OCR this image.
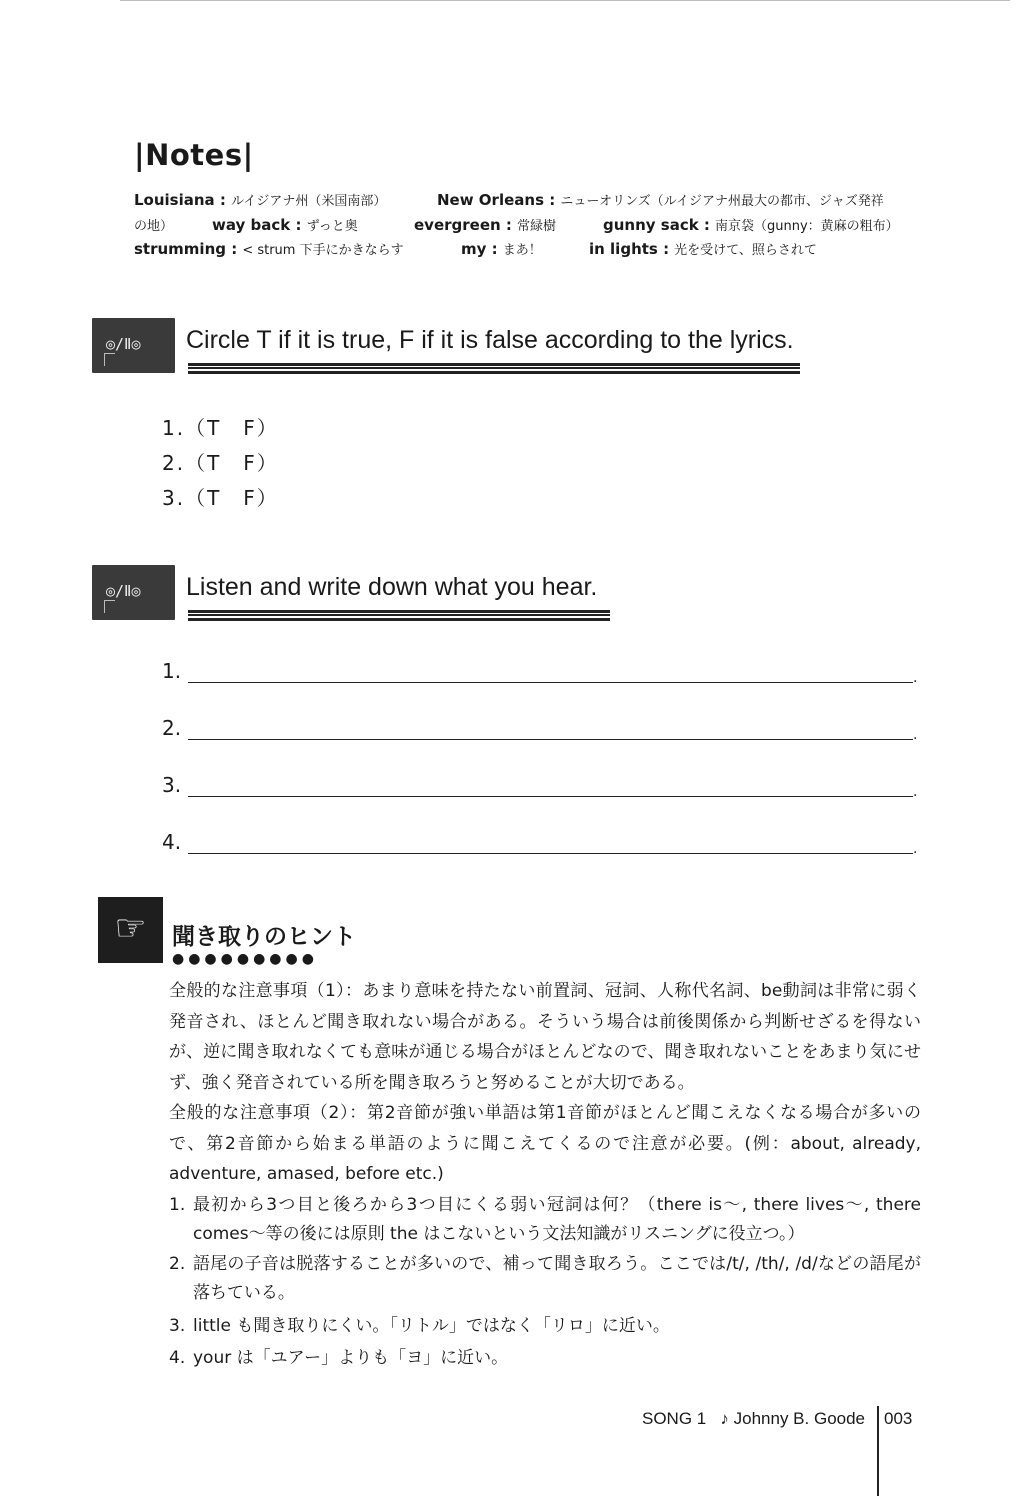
|Notes|
Louisiana : ルイジアナ州（米国南部）	New Orleans : ニューオリンズ（ルイジアナ州最大の都市、ジャズ発祥
の地）	way back : ずっと奥	evergreen : 常緑樹	gunny sack : 南京袋（gunny：黄麻の粗布）
strumming : < strum 下手にかきならす	my : まあ！	in lights : 光を受けて、照らされて
◎/Ⅱ◎ Circle T if it is true, F if it is false according to the lyrics.
1.（T　F）
2.（T　F）
3.（T　F）
◎/Ⅱ◎ Listen and write down what you hear.
1.	.
2.	.
3.	.
4.	.
☞	聞き取りのヒント
●●●●●●●●●

全般的な注意事項（1）：あまり意味を持たない前置詞、冠詞、人称代名詞、be動詞は非常に弱く発音され、ほとんど聞き取れない場合がある。そういう場合は前後関係から判断せざるを得ないが、逆に聞き取れなくても意味が通じる場合がほとんどなので、聞き取れないことをあまり気にせず、強く発音されている所を聞き取ろうと努めることが大切である。

全般的な注意事項（2）：第2音節が強い単語は第1音節がほとんど聞こえなくなる場合が多いので、第2音節から始まる単語のように聞こえてくるので注意が必要。(例：about, already, adventure, amased, before etc.)

1. 最初から3つ目と後ろから3つ目にくる弱い冠詞は何？（there is～, there lives～, there comes～等の後には原則 the はこないという文法知識がリスニングに役立つ。）
2. 語尾の子音は脱落することが多いので、補って聞き取ろう。ここでは/t/, /th/, /d/などの語尾が落ちている。
3. little も聞き取りにくい。「リトル」ではなく「リロ」に近い。
4. your は「ユアー」よりも「ヨ」に近い。
SONG 1 ♪ Johnny B. Goode 003
